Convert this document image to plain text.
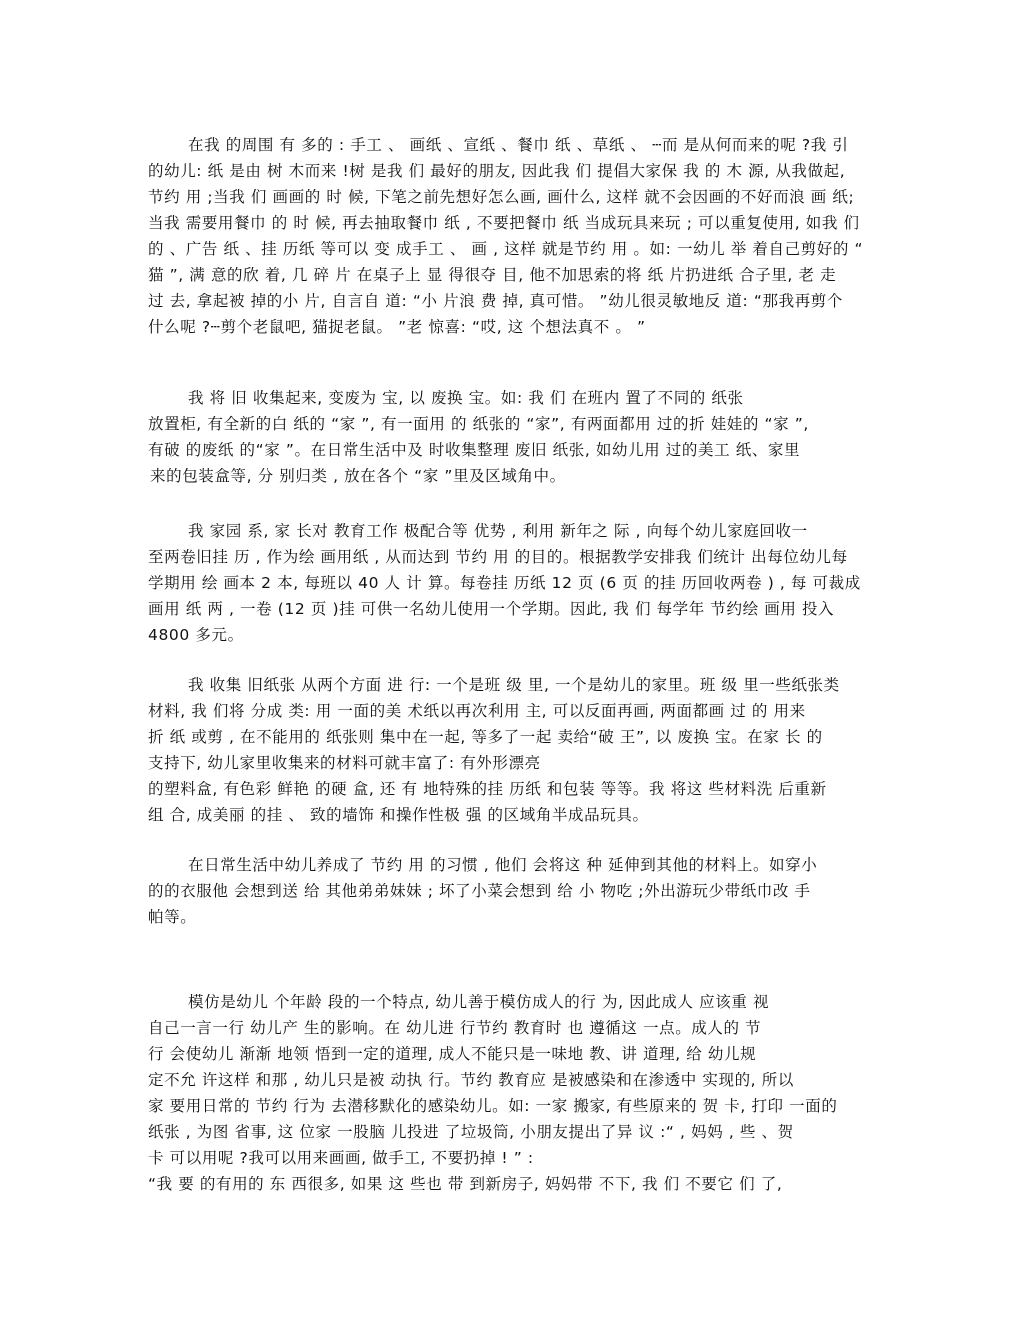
在我 的周围 有 多的 : 手工 、 画纸 、宣纸 、餐巾 纸 、草纸 、 ┄而 是从何而来的呢 ?我 引
的幼儿: 纸 是由 树 木而来 !树 是我 们 最好的朋友, 因此我 们 提倡大家保 我 的 木 源, 从我做起,
节约 用 ;当我 们 画画的 时 候, 下笔之前先想好怎么画, 画什么, 这样 就不会因画的不好而浪 画 纸;
当我 需要用餐巾 的 时 候, 再去抽取餐巾 纸 , 不要把餐巾 纸 当成玩具来玩 ; 可以重复使用, 如我 们
的 、广告 纸 、挂 历纸 等可以 变 成手工 、 画 , 这样 就是节约 用 。如: 一幼儿 举 着自己剪好的 “
猫 ”, 满 意的欣 着, 几 碎 片 在桌子上 显 得很夺 目, 他不加思索的将 纸 片扔进纸 合子里, 老 走
过 去, 拿起被 掉的小 片, 自言自 道: “小 片浪 费 掉, 真可惜。 ”幼儿很灵敏地反 道: “那我再剪个
什么呢 ?┄剪个老鼠吧, 猫捉老鼠。 ”老 惊喜: “哎, 这 个想法真不 。 ”
我 将 旧 收集起来, 变废为 宝, 以 废换 宝。如: 我 们 在班内 置了不同的 纸张
放置柜, 有全新的白 纸的 “家 ”, 有一面用 的 纸张的 “家”, 有两面都用 过的折 娃娃的 “家 ”,
有破 的废纸 的“家 ”。在日常生活中及 时收集整理 废旧 纸张, 如幼儿用 过的美工 纸、家里
来的包装盒等, 分 别归类 , 放在各个 “家 ”里及区域角中。
我 家园 系, 家 长对 教育工作 极配合等 优势 , 利用 新年之 际 , 向每个幼儿家庭回收一
至两卷旧挂 历 , 作为绘 画用纸 , 从而达到 节约 用 的目的。根据教学安排我 们统计 出每位幼儿每
学期用 绘 画本 2 本, 每班以 40 人 计 算。每卷挂 历纸 12 页 (6 页 的挂 历回收两卷 ) , 每 可裁成
画用 纸 两 , 一卷 (12 页 )挂 可供一名幼儿使用一个学期。因此, 我 们 每学年 节约绘 画用 投入
4800 多元。
我 收集 旧纸张 从两个方面 进 行: 一个是班 级 里, 一个是幼儿的家里。班 级 里一些纸张类
材料, 我 们将 分成 类: 用 一面的美 术纸以再次利用 主, 可以反面再画, 两面都画 过 的 用来
折 纸 或剪 , 在不能用的 纸张则 集中在一起, 等多了一起 卖给“破 王”, 以 废换 宝。在家 长 的
支持下, 幼儿家里收集来的材料可就丰富了: 有外形漂亮
的塑料盒, 有色彩 鲜艳 的硬 盒, 还 有 地特殊的挂 历纸 和包装 等等。我 将这 些材料洗 后重新
组 合, 成美丽 的挂 、 致的墙饰 和操作性极 强 的区域角半成品玩具。
在日常生活中幼儿养成了 节约 用 的习惯 , 他们 会将这 种 延伸到其他的材料上。如穿小
的的衣服他 会想到送 给 其他弟弟妹妹 ; 坏了小菜会想到 给 小 物吃 ;外出游玩少带纸巾改 手
帕等。
模仿是幼儿 个年龄 段的一个特点, 幼儿善于模仿成人的行 为, 因此成人 应该重 视
自己一言一行 幼儿产 生的影响。在 幼儿进 行节约 教育时 也 遵循这 一点。成人的 节
行 会使幼儿 渐渐 地领 悟到一定的道理, 成人不能只是一味地 教、讲 道理, 给 幼儿规
定不允 许这样 和那 , 幼儿只是被 动执 行。节约 教育应 是被感染和在渗透中 实现的, 所以
家 要用日常的 节约 行为 去潜移默化的感染幼儿。如: 一家 搬家, 有些原来的 贺 卡, 打印 一面的
纸张 , 为图 省事, 这 位家 一股脑 儿投进 了垃圾筒, 小朋友提出了异 议 :“ , 妈妈 , 些 、贺
卡 可以用呢 ?我可以用来画画, 做手工, 不要扔掉 ! ” :
“我 要 的有用的 东 西很多, 如果 这 些也 带 到新房子, 妈妈带 不下, 我 们 不要它 们 了,
